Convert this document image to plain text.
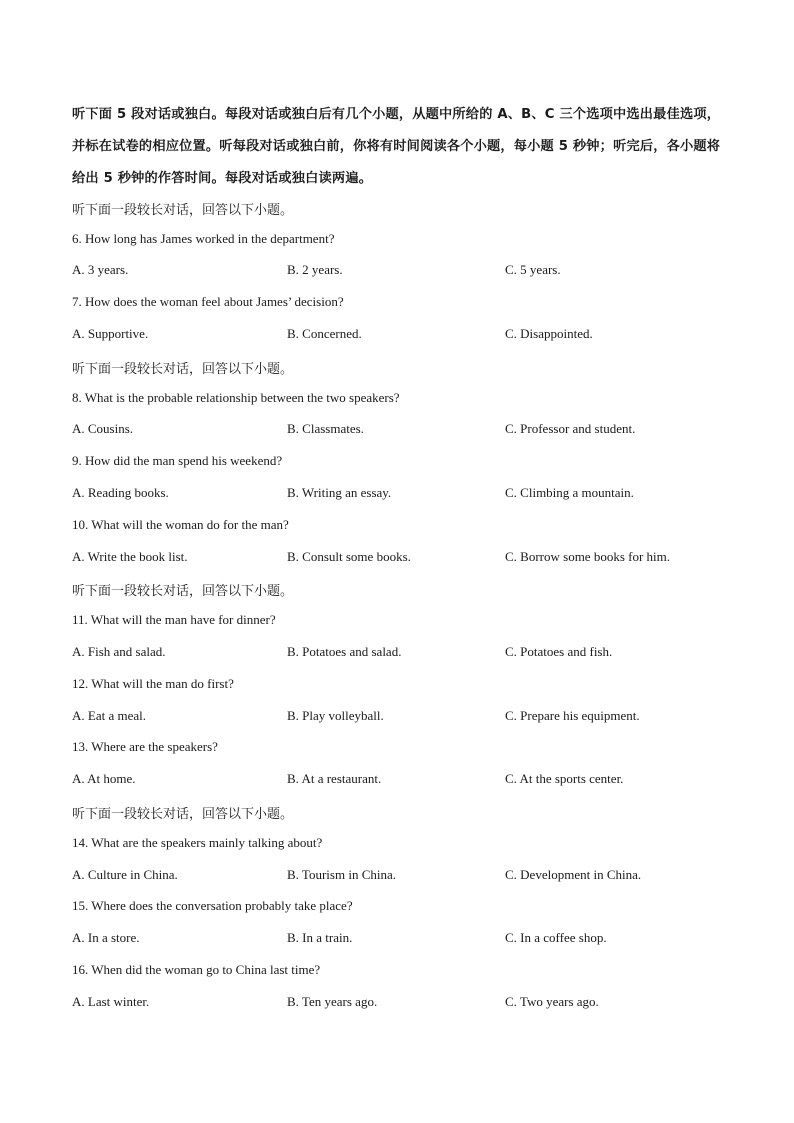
听下面 5 段对话或独白。每段对话或独白后有几个小题，从题中所给的 A、B、C 三个选项中选出最佳选项，并标在试卷的相应位置。听每段对话或独白前，你将有时间阅读各个小题，每小题 5 秒钟；听完后，各小题将给出 5 秒钟的作答时间。每段对话或独白读两遍。

听下面一段较长对话，回答以下小题。
6. How long has James worked in the department?
A. 3 years.	B. 2 years.	C. 5 years.
7. How does the woman feel about James’ decision?
A. Supportive.	B. Concerned.	C. Disappointed.
听下面一段较长对话，回答以下小题。
8. What is the probable relationship between the two speakers?
A. Cousins.	B. Classmates.	C. Professor and student.
9. How did the man spend his weekend?
A. Reading books.	B. Writing an essay.	C. Climbing a mountain.
10. What will the woman do for the man?
A. Write the book list.	B. Consult some books.	C. Borrow some books for him.
听下面一段较长对话，回答以下小题。
11. What will the man have for dinner?
A. Fish and salad.	B. Potatoes and salad.	C. Potatoes and fish.
12. What will the man do first?
A. Eat a meal.	B. Play volleyball.	C. Prepare his equipment.
13. Where are the speakers?
A. At home.	B. At a restaurant.	C. At the sports center.
听下面一段较长对话，回答以下小题。
14. What are the speakers mainly talking about?
A. Culture in China.	B. Tourism in China.	C. Development in China.
15. Where does the conversation probably take place?
A. In a store.	B. In a train.	C. In a coffee shop.
16. When did the woman go to China last time?
A. Last winter.	B. Ten years ago.	C. Two years ago.
